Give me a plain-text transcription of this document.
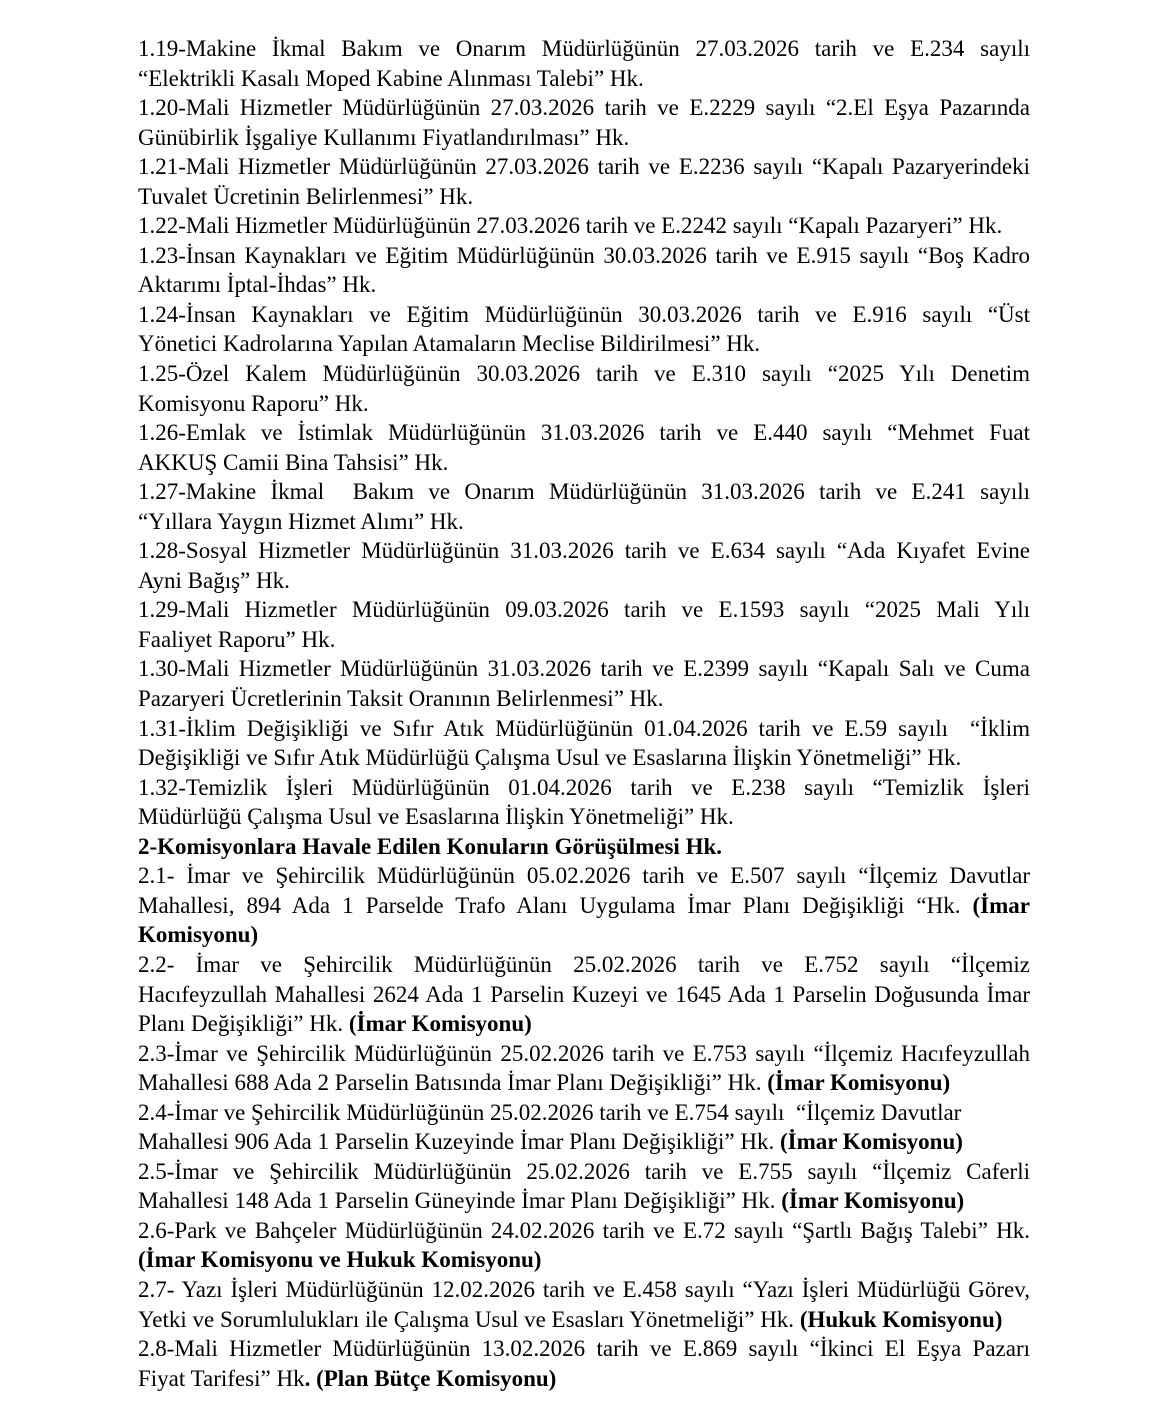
1.19-Makine İkmal Bakım ve Onarım Müdürlüğünün 27.03.2026 tarih ve E.234 sayılı
“Elektrikli Kasalı Moped Kabine Alınması Talebi” Hk.
1.20-Mali Hizmetler Müdürlüğünün 27.03.2026 tarih ve E.2229 sayılı “2.El Eşya Pazarında
Günübirlik İşgaliye Kullanımı Fiyatlandırılması” Hk.
1.21-Mali Hizmetler Müdürlüğünün 27.03.2026 tarih ve E.2236 sayılı “Kapalı Pazaryerindeki
Tuvalet Ücretinin Belirlenmesi” Hk.
1.22-Mali Hizmetler Müdürlüğünün 27.03.2026 tarih ve E.2242 sayılı “Kapalı Pazaryeri” Hk.
1.23-İnsan Kaynakları ve Eğitim Müdürlüğünün 30.03.2026 tarih ve E.915 sayılı “Boş Kadro
Aktarımı İptal-İhdas” Hk.
1.24-İnsan Kaynakları ve Eğitim Müdürlüğünün 30.03.2026 tarih ve E.916 sayılı “Üst
Yönetici Kadrolarına Yapılan Atamaların Meclise Bildirilmesi” Hk.
1.25-Özel Kalem Müdürlüğünün 30.03.2026 tarih ve E.310 sayılı “2025 Yılı Denetim
Komisyonu Raporu” Hk.
1.26-Emlak ve İstimlak Müdürlüğünün 31.03.2026 tarih ve E.440 sayılı “Mehmet Fuat
AKKUŞ Camii Bina Tahsisi” Hk.
1.27-Makine İkmal  Bakım ve Onarım Müdürlüğünün 31.03.2026 tarih ve E.241 sayılı
“Yıllara Yaygın Hizmet Alımı” Hk.
1.28-Sosyal Hizmetler Müdürlüğünün 31.03.2026 tarih ve E.634 sayılı “Ada Kıyafet Evine
Ayni Bağış” Hk.
1.29-Mali Hizmetler Müdürlüğünün 09.03.2026 tarih ve E.1593 sayılı “2025 Mali Yılı
Faaliyet Raporu” Hk.
1.30-Mali Hizmetler Müdürlüğünün 31.03.2026 tarih ve E.2399 sayılı “Kapalı Salı ve Cuma
Pazaryeri Ücretlerinin Taksit Oranının Belirlenmesi” Hk.
1.31-İklim Değişikliği ve Sıfır Atık Müdürlüğünün 01.04.2026 tarih ve E.59 sayılı  “İklim
Değişikliği ve Sıfır Atık Müdürlüğü Çalışma Usul ve Esaslarına İlişkin Yönetmeliği” Hk.
1.32-Temizlik İşleri Müdürlüğünün 01.04.2026 tarih ve E.238 sayılı “Temizlik İşleri
Müdürlüğü Çalışma Usul ve Esaslarına İlişkin Yönetmeliği” Hk.
2-Komisyonlara Havale Edilen Konuların Görüşülmesi Hk.
2.1- İmar ve Şehircilik Müdürlüğünün 05.02.2026 tarih ve E.507 sayılı “İlçemiz Davutlar
Mahallesi, 894 Ada 1 Parselde Trafo Alanı Uygulama İmar Planı Değişikliği “Hk. (İmar
Komisyonu)
2.2- İmar ve Şehircilik Müdürlüğünün 25.02.2026 tarih ve E.752 sayılı “İlçemiz
Hacıfeyzullah Mahallesi 2624 Ada 1 Parselin Kuzeyi ve 1645 Ada 1 Parselin Doğusunda İmar
Planı Değişikliği” Hk. (İmar Komisyonu)
2.3-İmar ve Şehircilik Müdürlüğünün 25.02.2026 tarih ve E.753 sayılı “İlçemiz Hacıfeyzullah
Mahallesi 688 Ada 2 Parselin Batısında İmar Planı Değişikliği” Hk. (İmar Komisyonu)
2.4-İmar ve Şehircilik Müdürlüğünün 25.02.2026 tarih ve E.754 sayılı  “İlçemiz Davutlar
Mahallesi 906 Ada 1 Parselin Kuzeyinde İmar Planı Değişikliği” Hk. (İmar Komisyonu)
2.5-İmar ve Şehircilik Müdürlüğünün 25.02.2026 tarih ve E.755 sayılı “İlçemiz Caferli
Mahallesi 148 Ada 1 Parselin Güneyinde İmar Planı Değişikliği” Hk. (İmar Komisyonu)
2.6-Park ve Bahçeler Müdürlüğünün 24.02.2026 tarih ve E.72 sayılı “Şartlı Bağış Talebi” Hk.
(İmar Komisyonu ve Hukuk Komisyonu)
2.7- Yazı İşleri Müdürlüğünün 12.02.2026 tarih ve E.458 sayılı “Yazı İşleri Müdürlüğü Görev,
Yetki ve Sorumlulukları ile Çalışma Usul ve Esasları Yönetmeliği” Hk. (Hukuk Komisyonu)
2.8-Mali Hizmetler Müdürlüğünün 13.02.2026 tarih ve E.869 sayılı “İkinci El Eşya Pazarı
Fiyat Tarifesi” Hk. (Plan Bütçe Komisyonu)
